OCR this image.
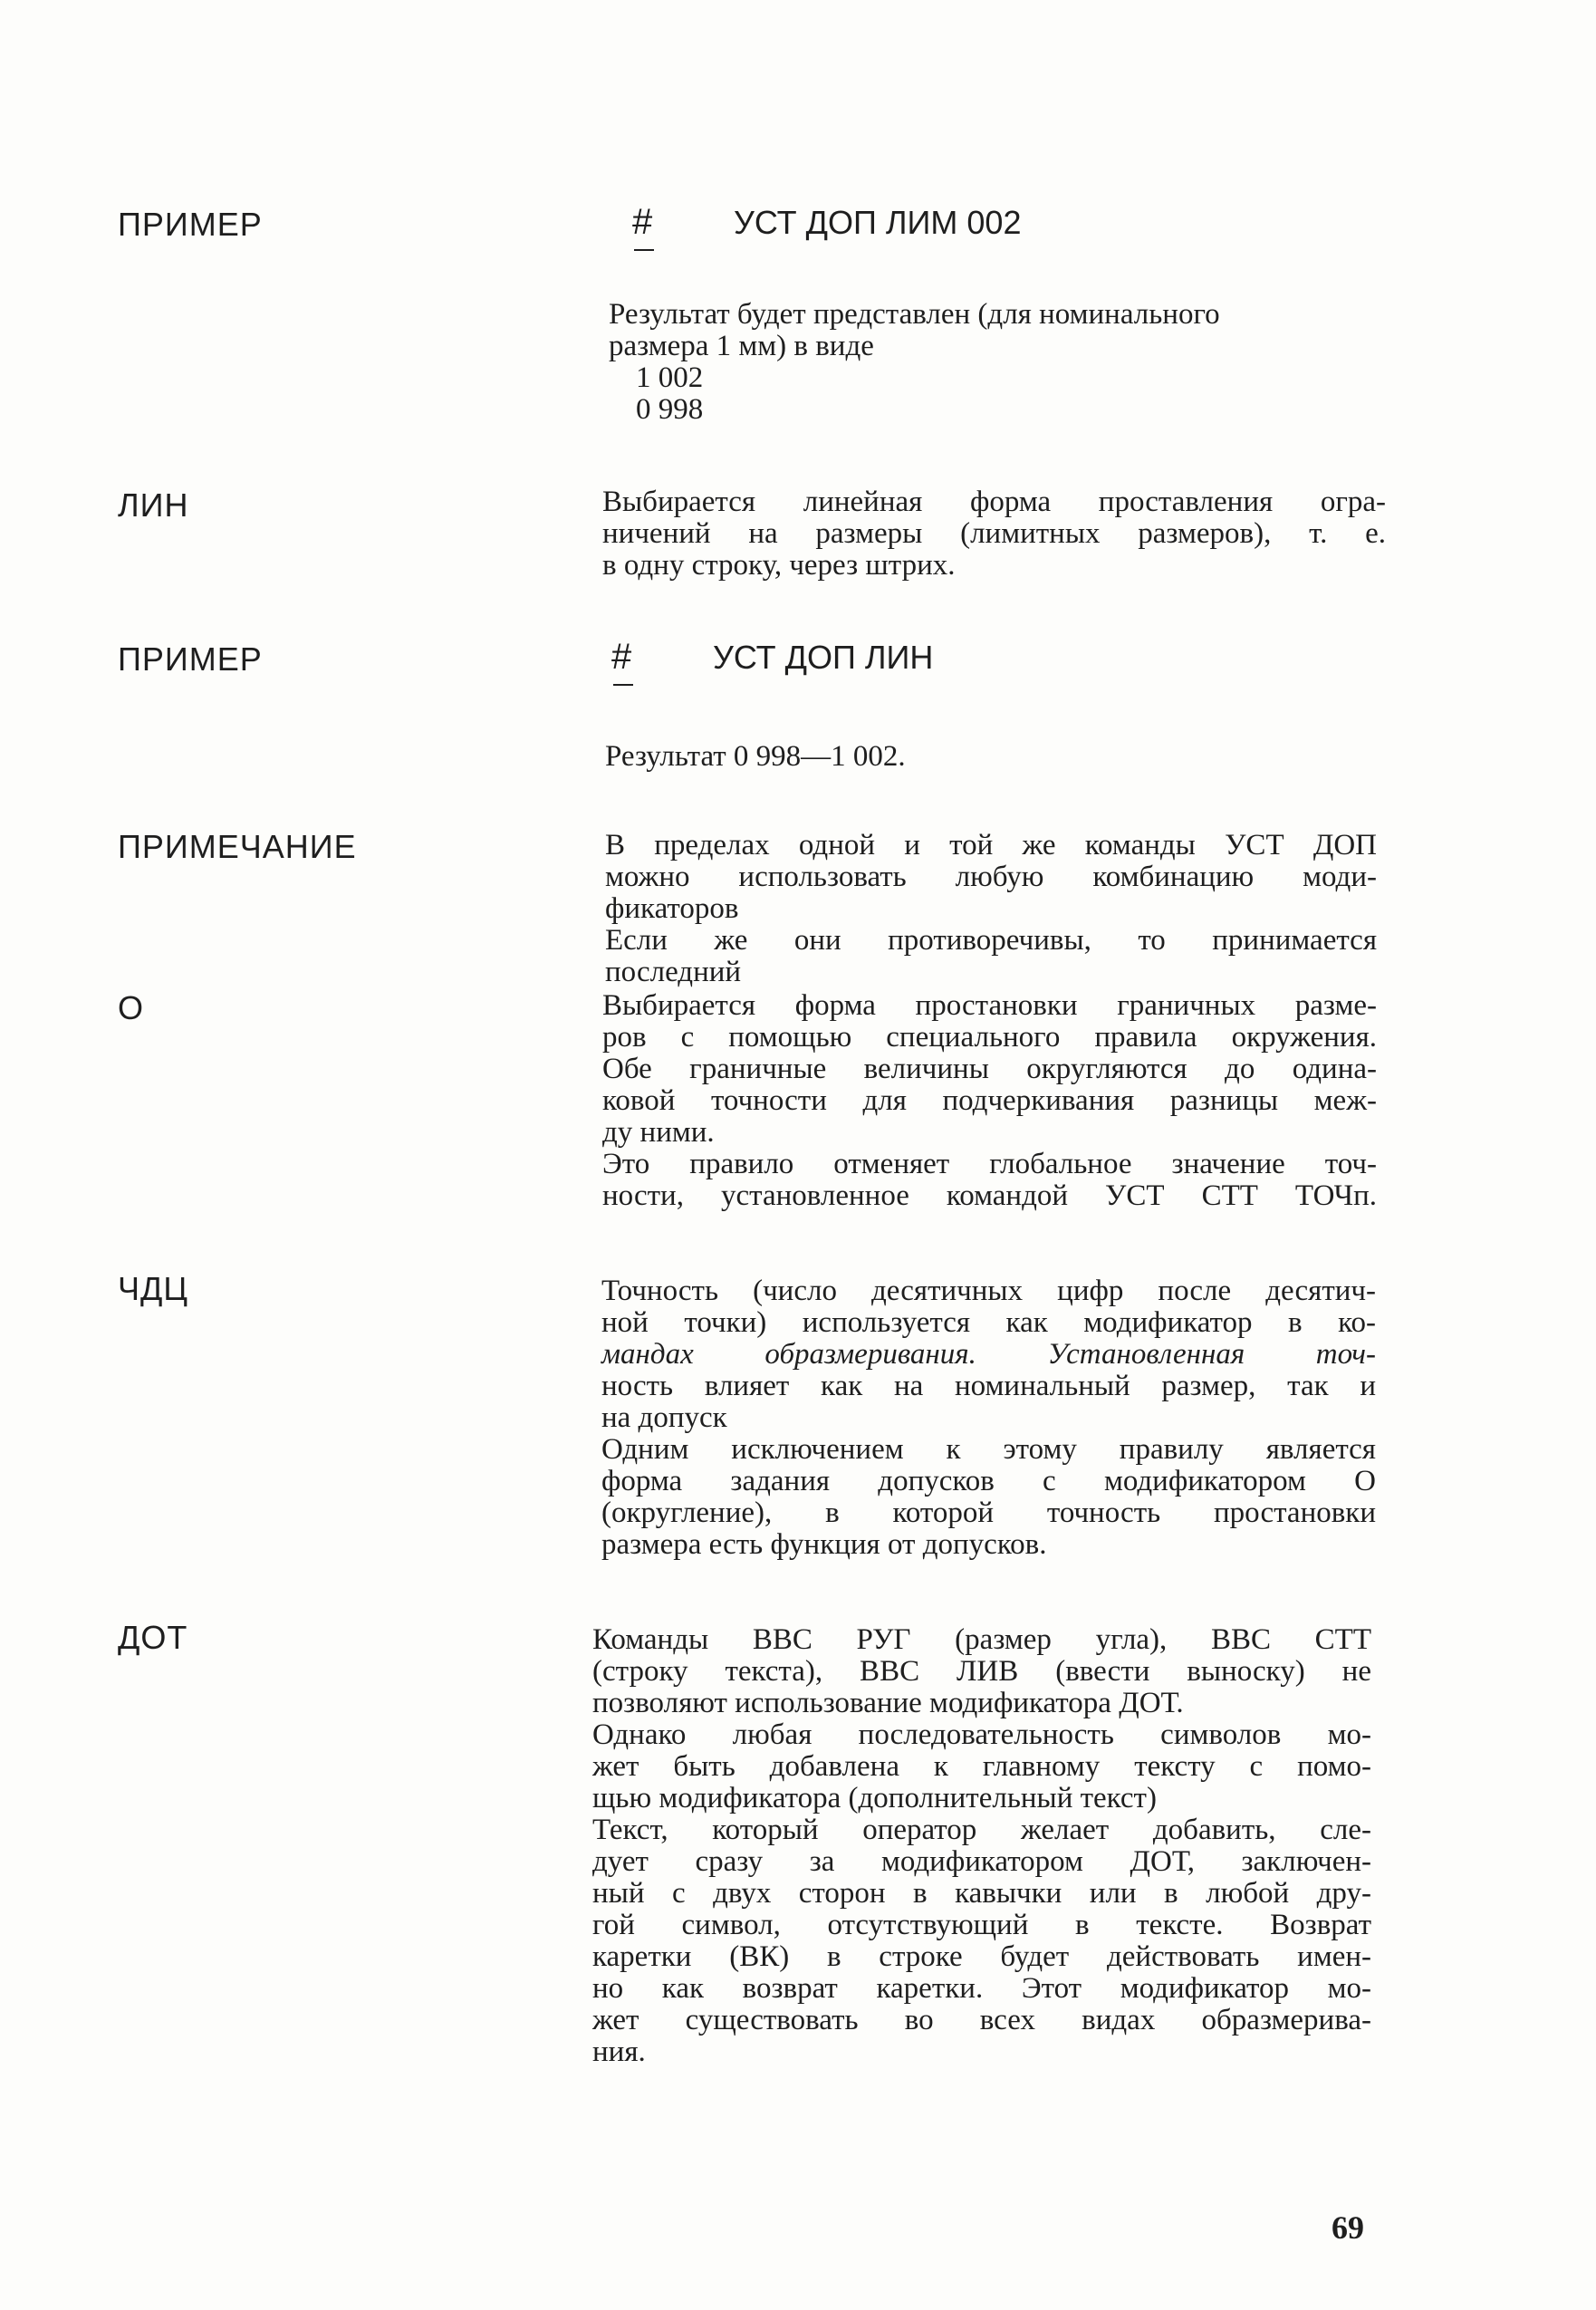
ПРИМЕР
ЛИН
ПРИМЕР
ПРИМЕЧАНИЕ
О
ЧДЦ
ДОТ
# УСТ ДОП ЛИМ 002
Результат будет представлен (для номинального
размера 1 мм) в виде
1 002
0 998
Выбирается линейная форма проставления огра-
ничений на размеры (лимитных размеров), т. е.
в одну строку, через штрих.
# УСТ ДОП ЛИН
Результат 0 998—1 002.
В пределах одной и той же команды УСТ ДОП
можно использовать любую комбинацию моди-
фикаторов
Если же они противоречивы, то принимается
последний
Выбирается форма простановки граничных разме-
ров с помощью специального правила окружения.
Обе граничные величины округляются до одина-
ковой точности для подчеркивания разницы меж-
ду ними.
Это правило отменяет глобальное значение точ-
ности, установленное командой УСТ СТТ ТОЧп.
Точность (число десятичных цифр после десятич-
ной точки) используется как модификатор в ко-
мандах образмеривания. Установленная точ-
ность влияет как на номинальный размер, так и
на допуск
Одним исключением к этому правилу является
форма задания допусков с модификатором О
(округление), в которой точность простановки
размера есть функция от допусков.
Команды ВВС РУГ (размер угла), ВВС СТТ
(строку текста), ВВС ЛИВ (ввести выноску) не
позволяют использование модификатора ДОТ.
Однако любая последовательность символов мо-
жет быть добавлена к главному тексту с помо-
щью модификатора (дополнительный текст)
Текст, который оператор желает добавить, сле-
дует сразу за модификатором ДОТ, заключен-
ный с двух сторон в кавычки или в любой дру-
гой символ, отсутствующий в тексте. Возврат
каретки (ВК) в строке будет действовать имен-
но как возврат каретки. Этот модификатор мо-
жет существовать во всех видах образмерива-
ния.
69
